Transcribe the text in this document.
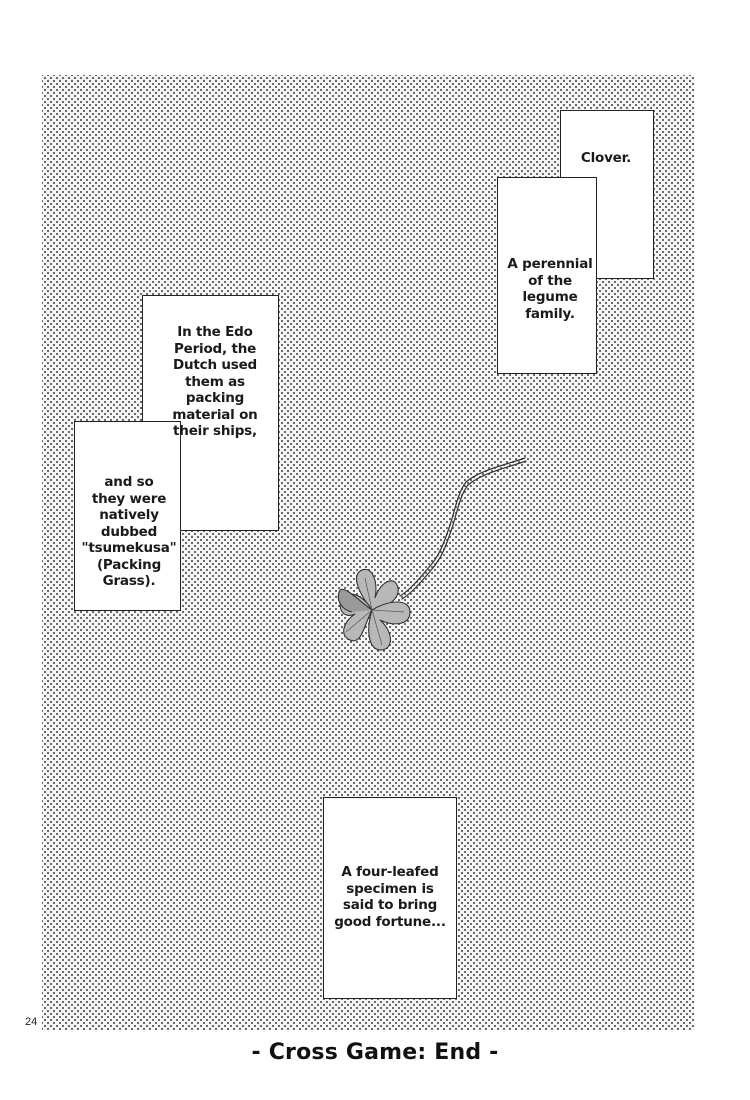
Clover.
A perennial
of the
legume
family.
In the Edo
Period, the
Dutch used
them as
packing
material on
their ships,
and so
they were
natively
dubbed
"tsumekusa"
(Packing
Grass).
A four-leafed
specimen is
said to bring
good fortune...
24
- Cross Game: End -
